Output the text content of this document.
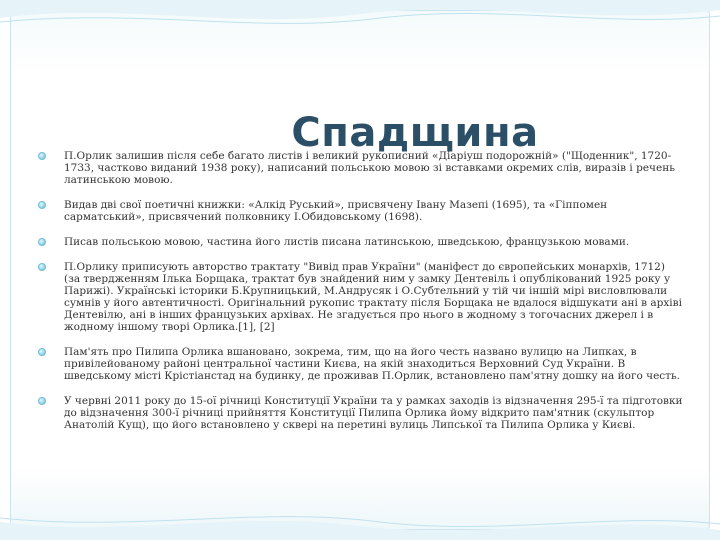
Спадщина
П.Орлик залишив після себе багато листів і великий рукописний «Діаріуш подорожній» ("Щоденник", 1720-1733, частково виданий 1938 року), написаний польською мовою зі вставками окремих слів, виразів і речень латинською мовою.
Видав дві свої поетичні книжки: «Алкід Руський», присвячену Івану Мазепі (1695), та «Гіппомен сарматський», присвячений полковнику І.Обидовському (1698).
Писав польською мовою, частина його листів писана латинською, шведською, французькою мовами.
П.Орлику приписують авторство трактату "Вивід прав України" (маніфест до європейських монархів, 1712) (за твердженням Ілька Борщака, трактат був знайдений ним у замку Дентевіль і опублікований 1925 року у Парижі). Українські історики Б.Крупницький, М.Андрусяк і О.Субтельний у тій чи іншій мірі висловлювали сумнів у його автентичності. Оригінальний рукопис трактату після Борщака не вдалося відшукати ані в архіві Дентевілю, ані в інших французьких архівах. Не згадується про нього в жодному з тогочасних джерел і в жодному іншому творі Орлика.[1], [2]
Пам'ять про Пилипа Орлика вшановано, зокрема, тим, що на його честь названо вулицю на Липках, в привілейованому районі центральної частини Києва, на якій знаходиться Верховний Суд України. В шведському місті Крістіанстад на будинку, де проживав П.Орлик, встановлено пам'ятну дошку на його честь.
У червні 2011 року до 15-ої річниці Конституції України та у рамках заходів із відзначення 295-ї та підготовки до відзначення 300-ї річниці прийняття Конституції Пилипа Орлика йому відкрито пам'ятник (скульптор Анатолій Кущ), що його встановлено у сквері на перетині вулиць Липської та Пилипа Орлика у Києві.
